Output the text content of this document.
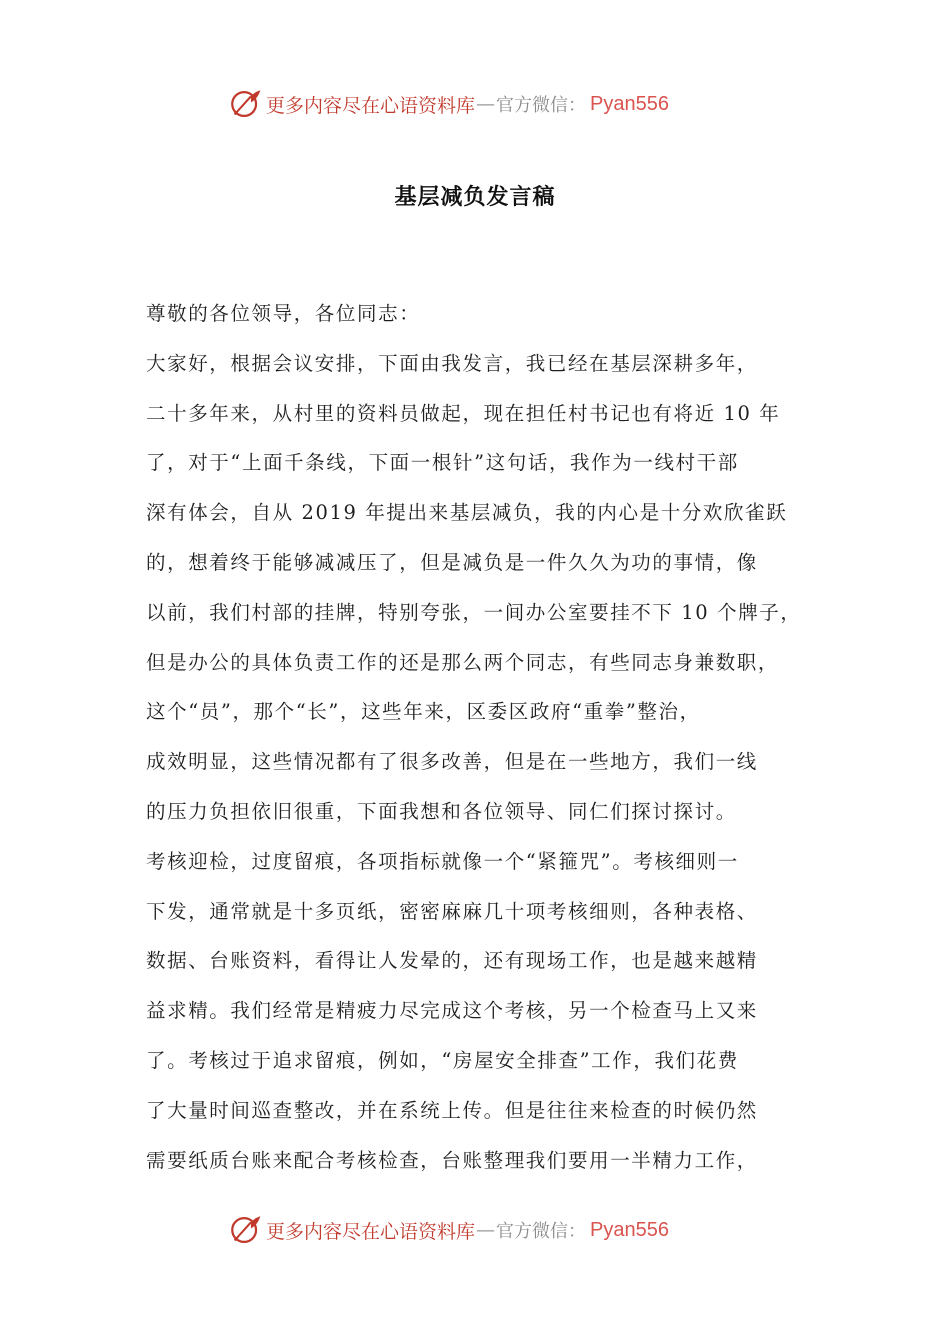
更多内容尽在心语资料库 — 官方微信： Pyan556
基层减负发言稿
尊敬的各位领导，各位同志：
大家好，根据会议安排，下面由我发言，我已经在基层深耕多年，
二十多年来，从村里的资料员做起，现在担任村书记也有将近 10 年
了，对于“上面千条线，下面一根针”这句话，我作为一线村干部
深有体会，自从 2019 年提出来基层减负，我的内心是十分欢欣雀跃
的，想着终于能够减减压了，但是减负是一件久久为功的事情，像
以前，我们村部的挂牌，特别夸张，一间办公室要挂不下 10 个牌子，
但是办公的具体负责工作的还是那么两个同志，有些同志身兼数职，
这个“员”，那个“长”，这些年来，区委区政府“重拳”整治，
成效明显，这些情况都有了很多改善，但是在一些地方，我们一线
的压力负担依旧很重，下面我想和各位领导、同仁们探讨探讨。
考核迎检，过度留痕，各项指标就像一个“紧箍咒”。考核细则一
下发，通常就是十多页纸，密密麻麻几十项考核细则，各种表格、
数据、台账资料，看得让人发晕的，还有现场工作，也是越来越精
益求精。我们经常是精疲力尽完成这个考核，另一个检查马上又来
了。考核过于追求留痕，例如，“房屋安全排查”工作，我们花费
了大量时间巡查整改，并在系统上传。但是往往来检查的时候仍然
需要纸质台账来配合考核检查，台账整理我们要用一半精力工作，
更多内容尽在心语资料库 — 官方微信： Pyan556
